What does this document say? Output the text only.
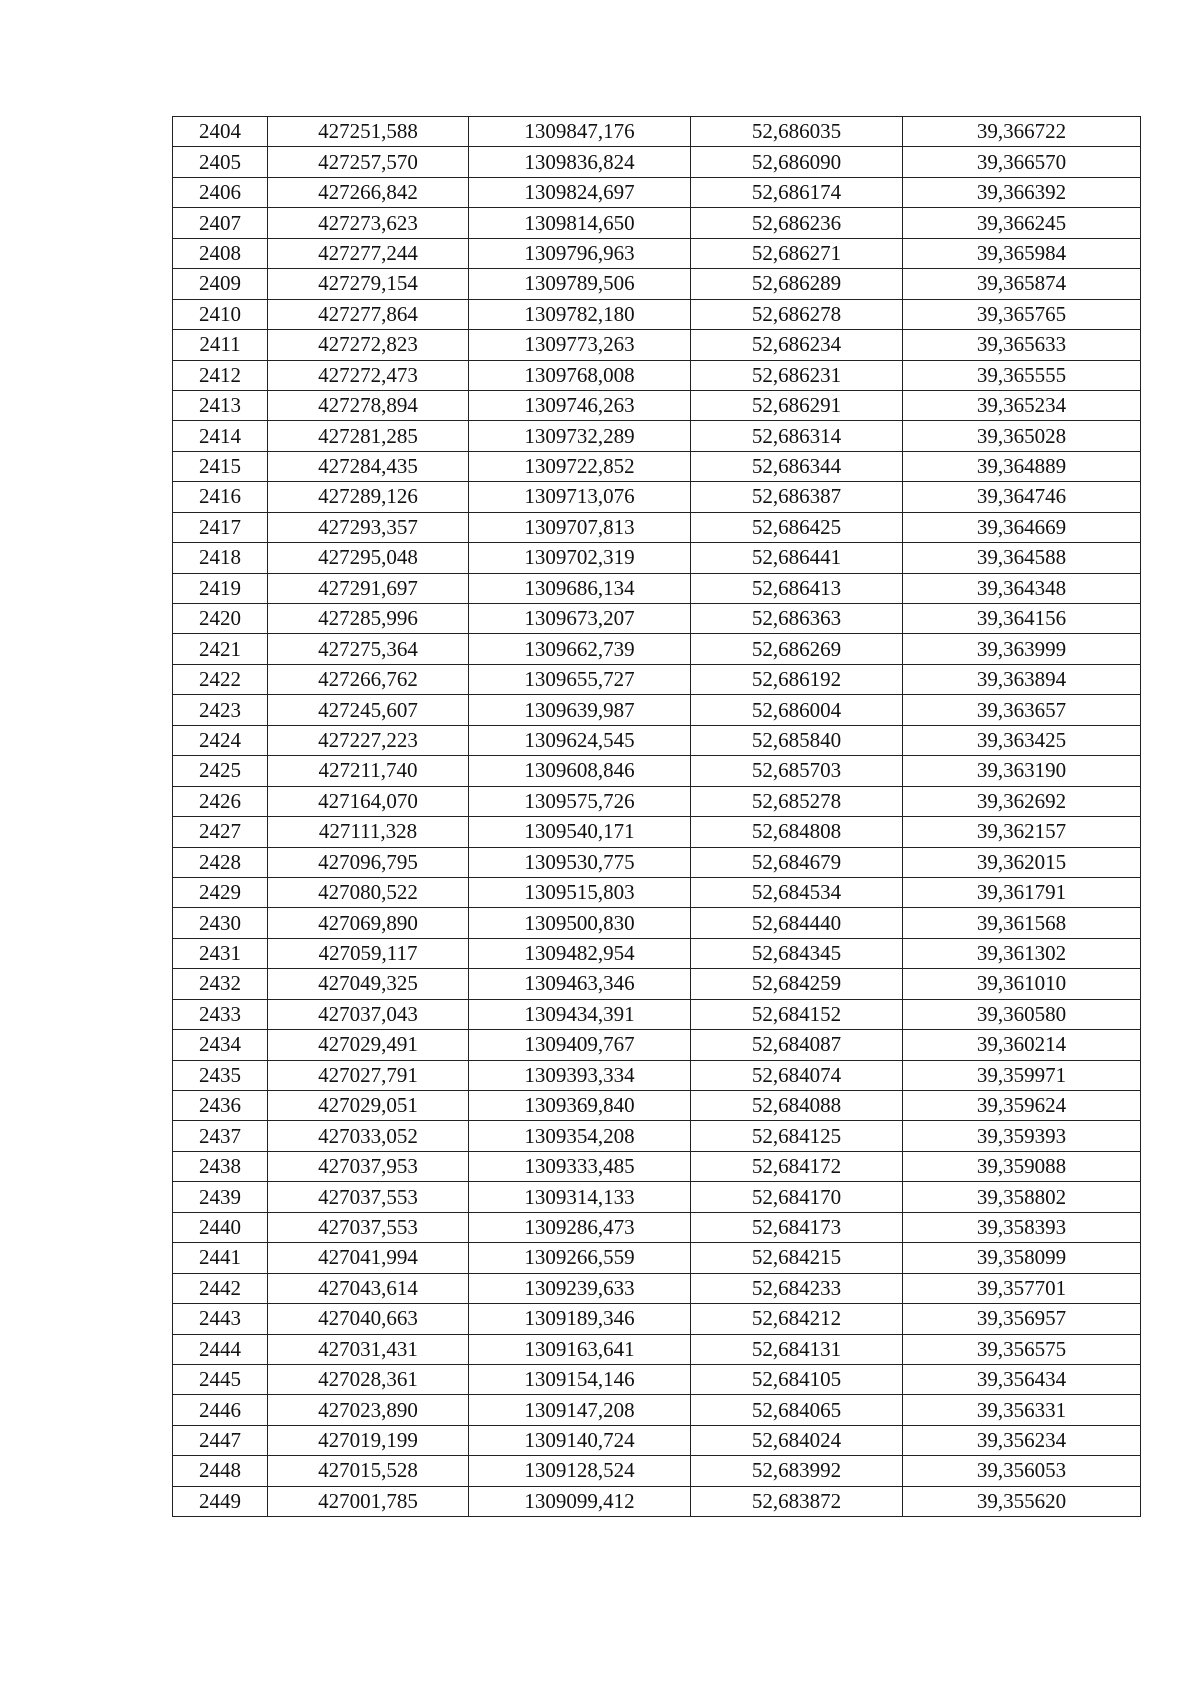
2404	427251,588	1309847,176	52,686035	39,366722
2405	427257,570	1309836,824	52,686090	39,366570
2406	427266,842	1309824,697	52,686174	39,366392
2407	427273,623	1309814,650	52,686236	39,366245
2408	427277,244	1309796,963	52,686271	39,365984
2409	427279,154	1309789,506	52,686289	39,365874
2410	427277,864	1309782,180	52,686278	39,365765
2411	427272,823	1309773,263	52,686234	39,365633
2412	427272,473	1309768,008	52,686231	39,365555
2413	427278,894	1309746,263	52,686291	39,365234
2414	427281,285	1309732,289	52,686314	39,365028
2415	427284,435	1309722,852	52,686344	39,364889
2416	427289,126	1309713,076	52,686387	39,364746
2417	427293,357	1309707,813	52,686425	39,364669
2418	427295,048	1309702,319	52,686441	39,364588
2419	427291,697	1309686,134	52,686413	39,364348
2420	427285,996	1309673,207	52,686363	39,364156
2421	427275,364	1309662,739	52,686269	39,363999
2422	427266,762	1309655,727	52,686192	39,363894
2423	427245,607	1309639,987	52,686004	39,363657
2424	427227,223	1309624,545	52,685840	39,363425
2425	427211,740	1309608,846	52,685703	39,363190
2426	427164,070	1309575,726	52,685278	39,362692
2427	427111,328	1309540,171	52,684808	39,362157
2428	427096,795	1309530,775	52,684679	39,362015
2429	427080,522	1309515,803	52,684534	39,361791
2430	427069,890	1309500,830	52,684440	39,361568
2431	427059,117	1309482,954	52,684345	39,361302
2432	427049,325	1309463,346	52,684259	39,361010
2433	427037,043	1309434,391	52,684152	39,360580
2434	427029,491	1309409,767	52,684087	39,360214
2435	427027,791	1309393,334	52,684074	39,359971
2436	427029,051	1309369,840	52,684088	39,359624
2437	427033,052	1309354,208	52,684125	39,359393
2438	427037,953	1309333,485	52,684172	39,359088
2439	427037,553	1309314,133	52,684170	39,358802
2440	427037,553	1309286,473	52,684173	39,358393
2441	427041,994	1309266,559	52,684215	39,358099
2442	427043,614	1309239,633	52,684233	39,357701
2443	427040,663	1309189,346	52,684212	39,356957
2444	427031,431	1309163,641	52,684131	39,356575
2445	427028,361	1309154,146	52,684105	39,356434
2446	427023,890	1309147,208	52,684065	39,356331
2447	427019,199	1309140,724	52,684024	39,356234
2448	427015,528	1309128,524	52,683992	39,356053
2449	427001,785	1309099,412	52,683872	39,355620
